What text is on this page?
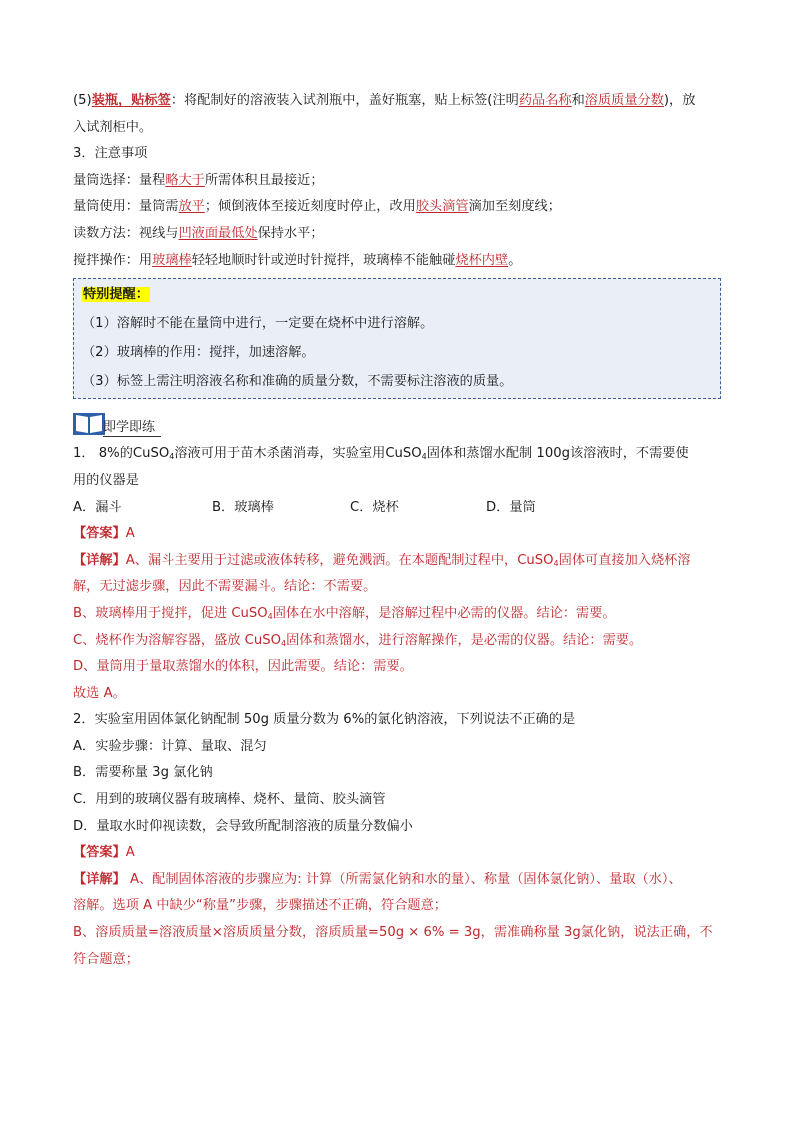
(5)装瓶，贴标签：将配制好的溶液装入试剂瓶中，盖好瓶塞，贴上标签(注明药品名称和溶质质量分数)，放
入试剂柜中。
3．注意事项
量筒选择：量程略大于所需体积且最接近；
量筒使用：量筒需放平；倾倒液体至接近刻度时停止，改用胶头滴管滴加至刻度线；
读数方法：视线与凹液面最低处保持水平；
搅拌操作：用玻璃棒轻轻地顺时针或逆时针搅拌，玻璃棒不能触碰烧杯内壁。
特别提醒：
（1）溶解时不能在量筒中进行，一定要在烧杯中进行溶解。
（2）玻璃棒的作用：搅拌，加速溶解。
（3）标签上需注明溶液名称和准确的质量分数，不需要标注溶液的质量。
即学即练
1． 8%的CuSO$_4$溶液可用于苗木杀菌消毒，实验室用CuSO$_4$固体和蒸馏水配制 100g该溶液时，不需要使
用的仪器是
A．漏斗	B．玻璃棒	C．烧杯	D．量筒
【答案】A
【详解】A、漏斗主要用于过滤或液体转移，避免溅洒。在本题配制过程中，CuSO$_4$固体可直接加入烧杯溶
解，无过滤步骤，因此不需要漏斗。结论：不需要。
B、玻璃棒用于搅拌，促进 CuSO$_4$固体在水中溶解，是溶解过程中必需的仪器。结论：需要。
C、烧杯作为溶解容器，盛放 CuSO$_4$固体和蒸馏水，进行溶解操作，是必需的仪器。结论：需要。
D、量筒用于量取蒸馏水的体积，因此需要。结论：需要。
故选 A。
2．实验室用固体氯化钠配制 50g 质量分数为 6%的氯化钠溶液，下列说法不正确的是
A．实验步骤：计算、量取、混匀
B．需要称量 3g 氯化钠
C．用到的玻璃仪器有玻璃棒、烧杯、量筒、胶头滴管
D．量取水时仰视读数，会导致所配制溶液的质量分数偏小
【答案】A
【详解】 A、配制固体溶液的步骤应为: 计算（所需氯化钠和水的量）、称量（固体氯化钠）、量取（水）、
溶解。选项 A 中缺少“称量”步骤，步骤描述不正确，符合题意；
B、溶质质量=溶液质量×溶质质量分数，溶质质量=50g × 6% = 3g，需准确称量 3g氯化钠，说法正确，不
符合题意；
